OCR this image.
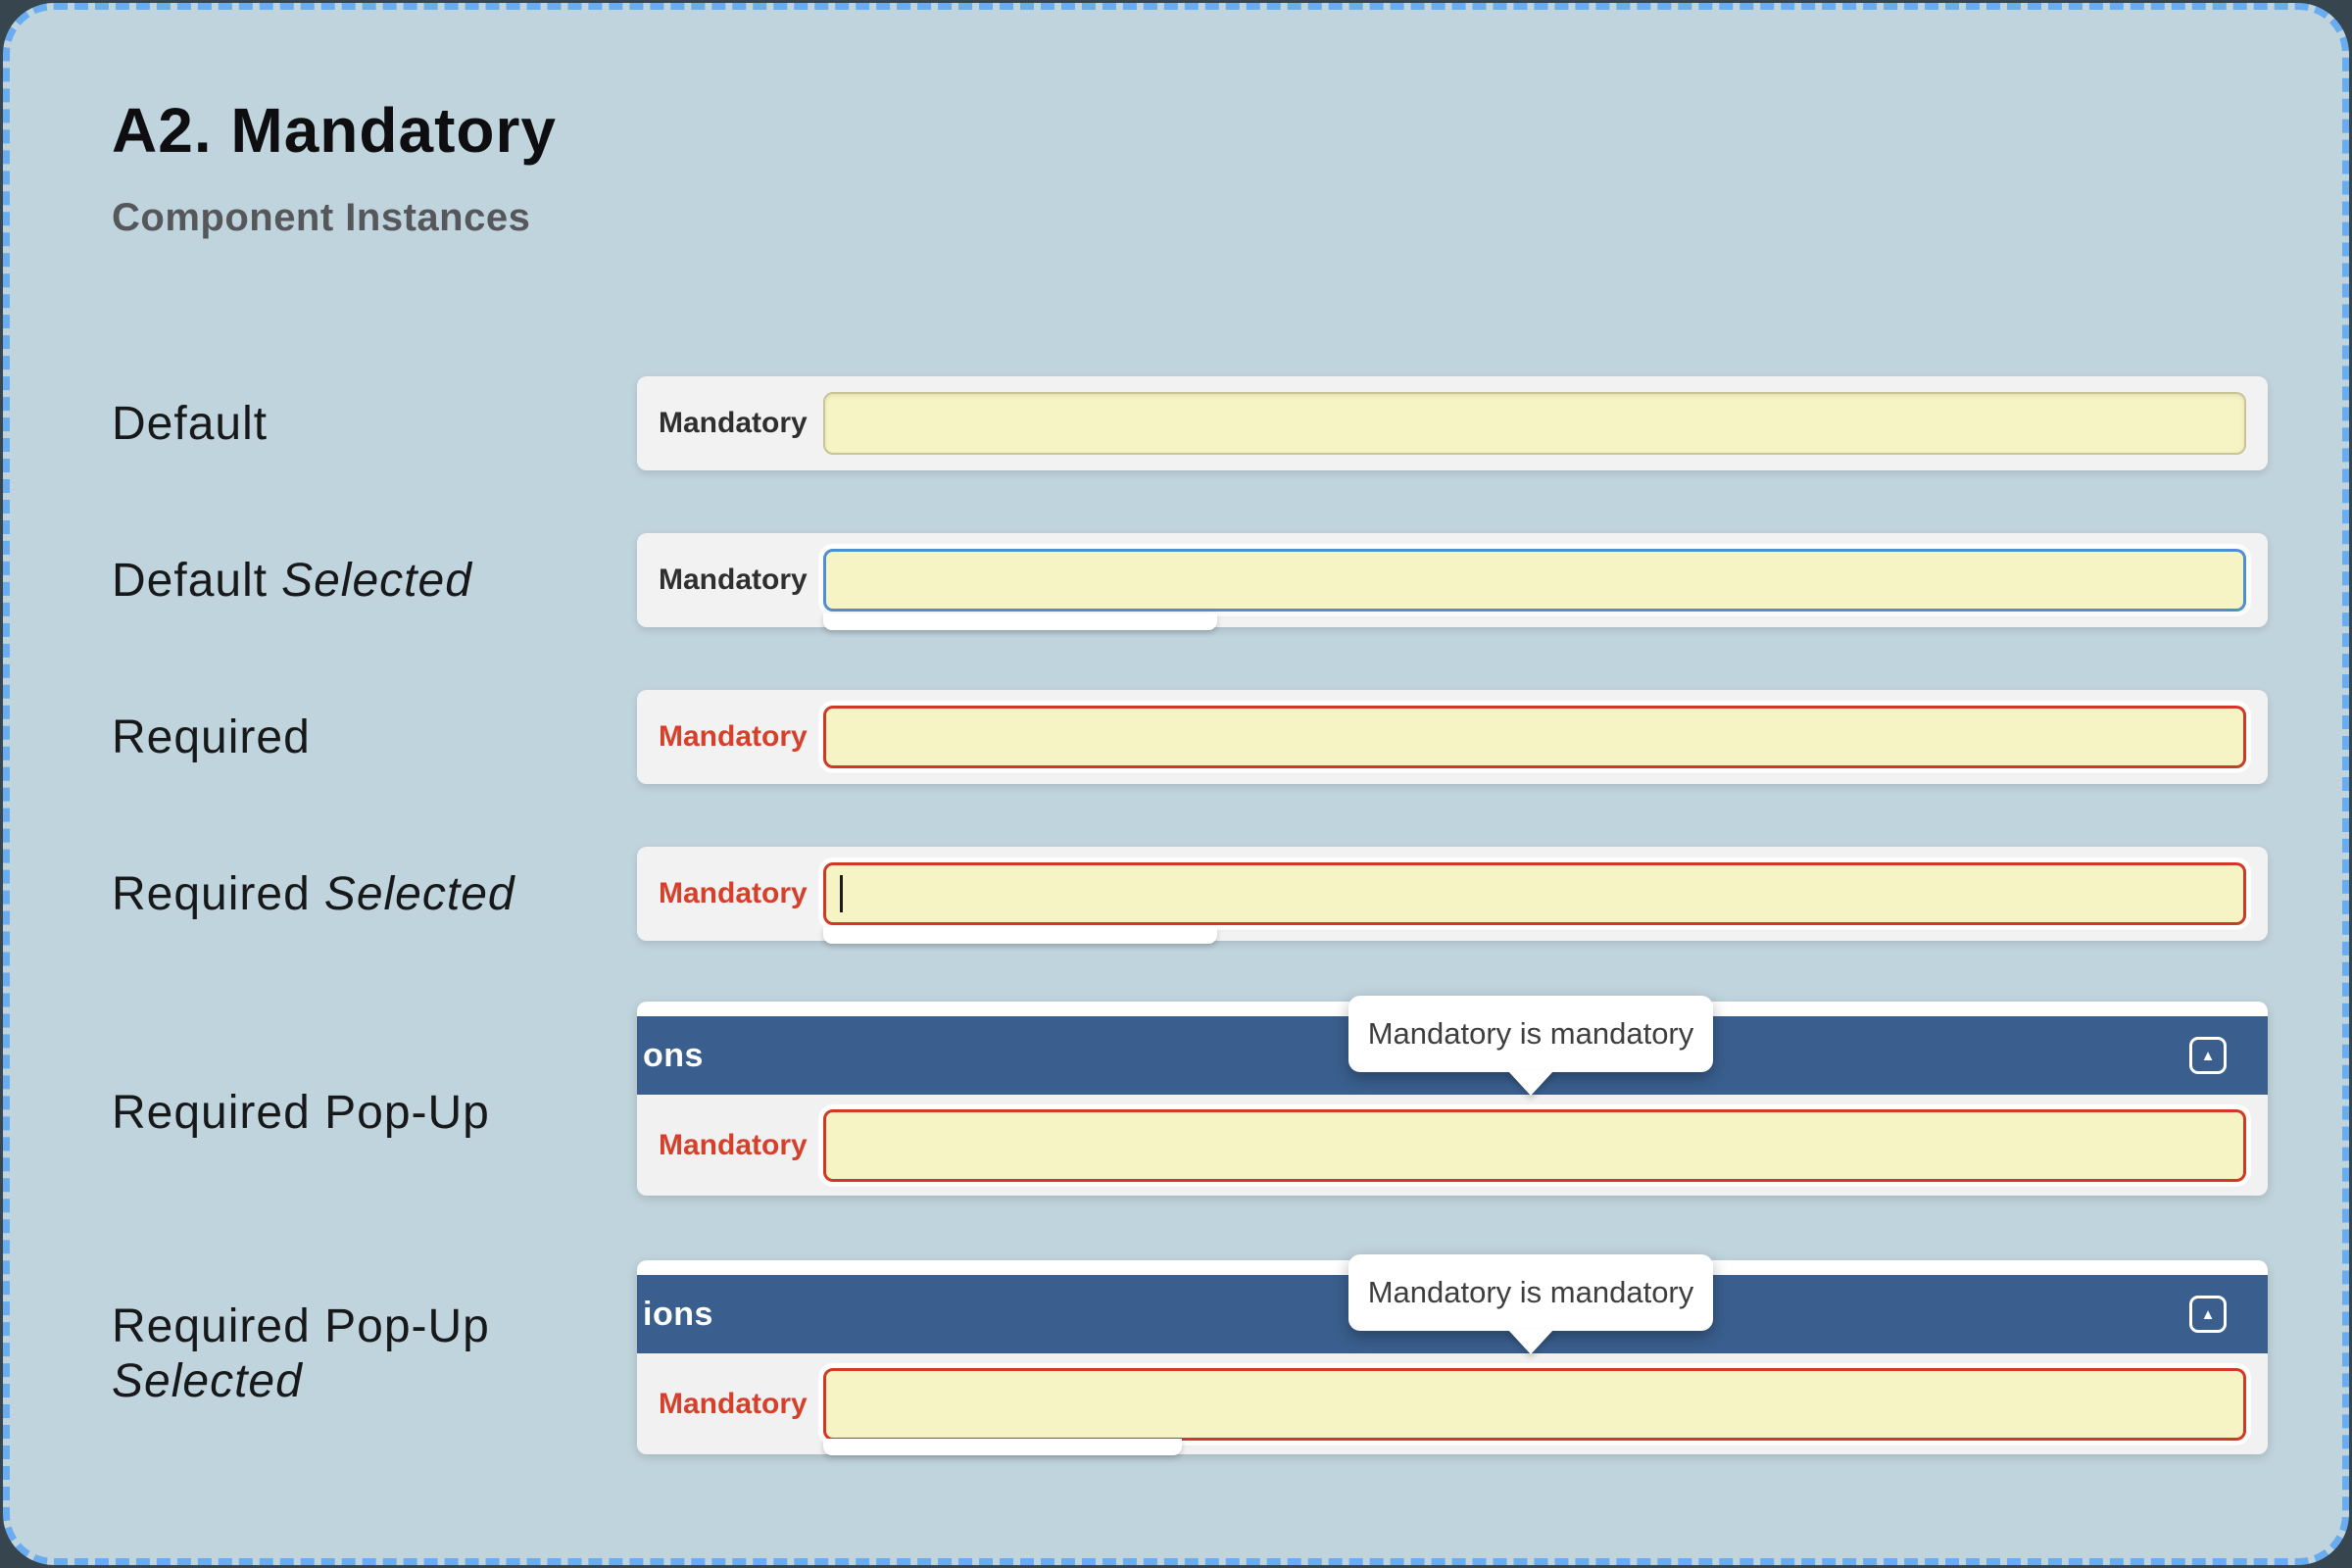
A2. Mandatory
Component Instances
Default
Default Selected
Required
Required Selected
Required Pop-Up
Required Pop-Up
Selected
Mandatory
Mandatory
Mandatory
Mandatory
ons	▲
Mandatory
Mandatory is mandatory
ions	▲
Mandatory
Mandatory is mandatory
